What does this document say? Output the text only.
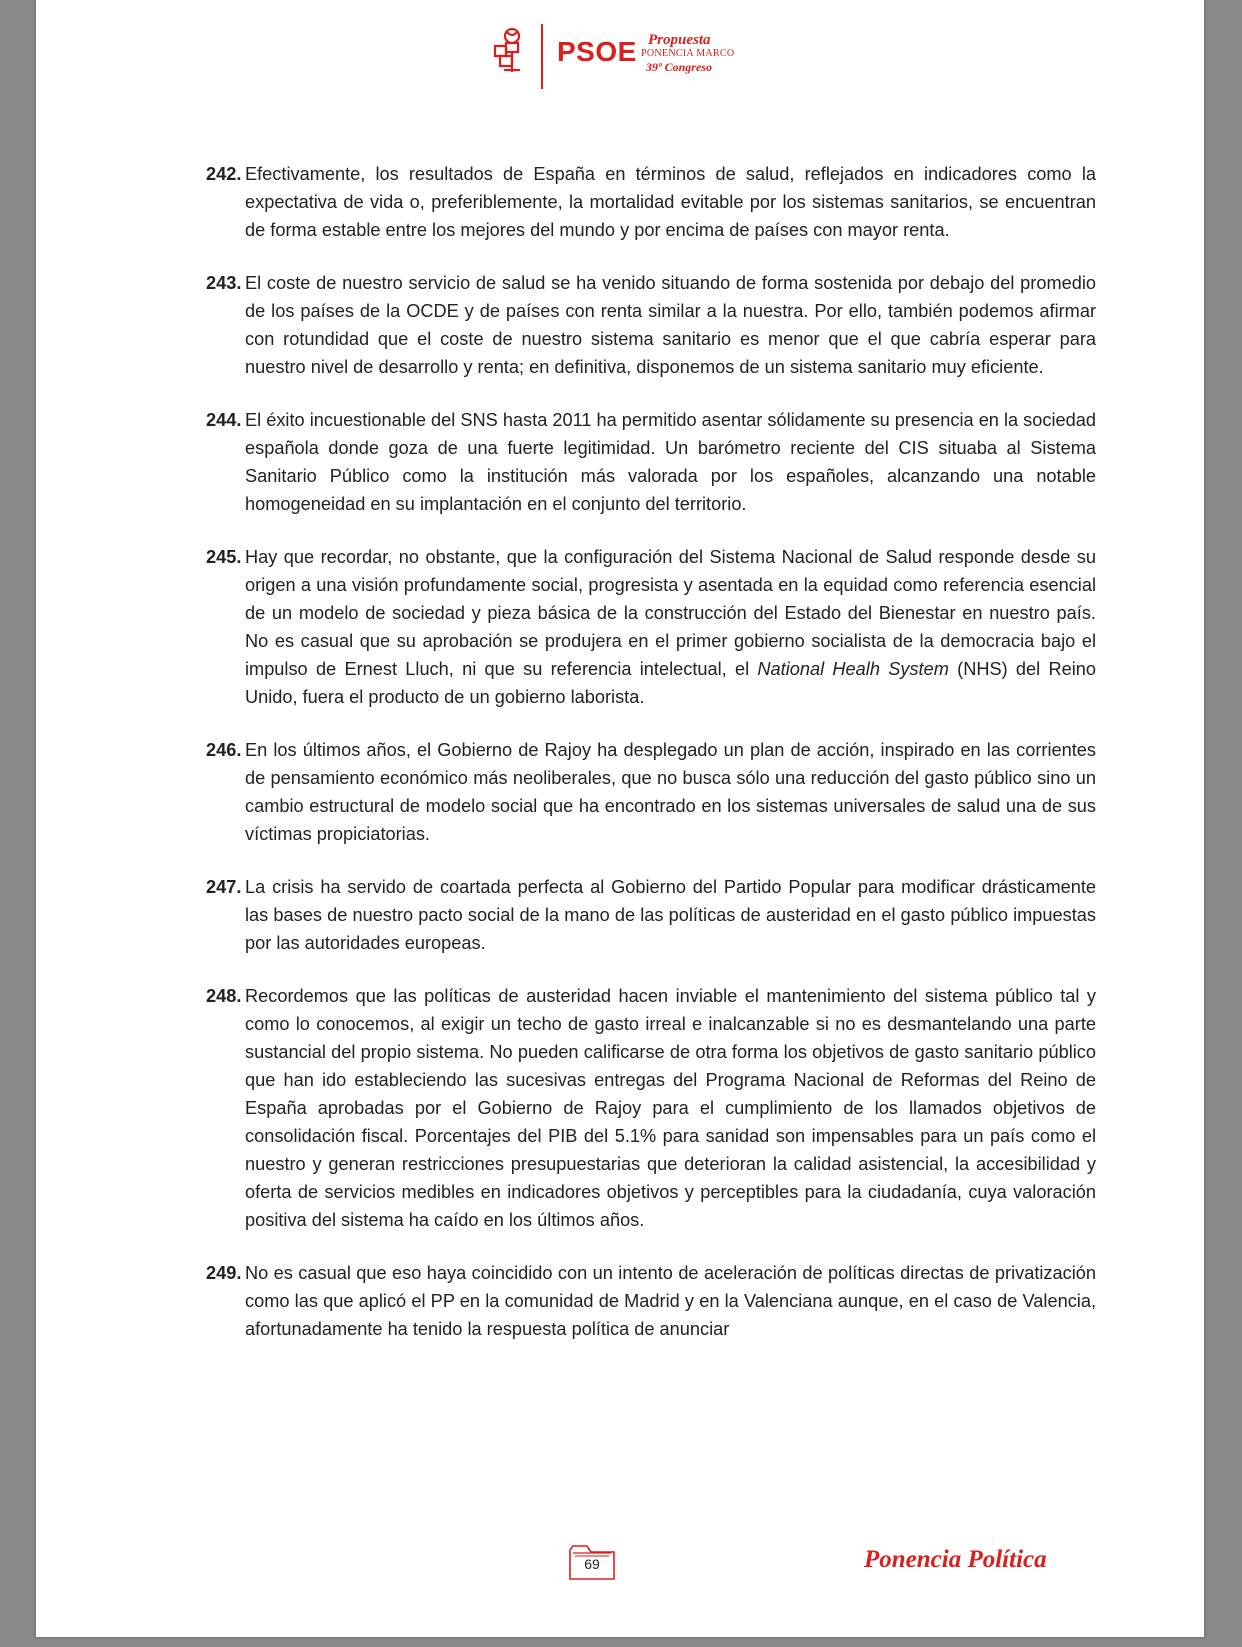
PSOE Propuesta
PONENCIA MARCO
39º Congreso
242. Efectivamente, los resultados de España en términos de salud, reflejados en indicadores como la expectativa de vida o, preferiblemente, la mortalidad evitable por los sistemas sanitarios, se encuentran de forma estable entre los mejores del mundo y por encima de países con mayor renta.
243. El coste de nuestro servicio de salud se ha venido situando de forma sostenida por debajo del promedio de los países de la OCDE y de países con renta similar a la nuestra. Por ello, también podemos afirmar con rotundidad que el coste de nuestro sistema sanitario es menor que el que cabría esperar para nuestro nivel de desarrollo y renta; en definitiva, disponemos de un sistema sanitario muy eficiente.
244. El éxito incuestionable del SNS hasta 2011 ha permitido asentar sólidamente su presencia en la sociedad española donde goza de una fuerte legitimidad. Un barómetro reciente del CIS situaba al Sistema Sanitario Público como la institución más valorada por los españoles, alcanzando una notable homogeneidad en su implantación en el conjunto del territorio.
245. Hay que recordar, no obstante, que la configuración del Sistema Nacional de Salud responde desde su origen a una visión profundamente social, progresista y asentada en la equidad como referencia esencial de un modelo de sociedad y pieza básica de la construcción del Estado del Bienestar en nuestro país. No es casual que su aprobación se produjera en el primer gobierno socialista de la democracia bajo el impulso de Ernest Lluch, ni que su referencia intelectual, el National Healh System (NHS) del Reino Unido, fuera el producto de un gobierno laborista.
246. En los últimos años, el Gobierno de Rajoy ha desplegado un plan de acción, inspirado en las corrientes de pensamiento económico más neoliberales, que no busca sólo una reducción del gasto público sino un cambio estructural de modelo social que ha encontrado en los sistemas universales de salud una de sus víctimas propiciatorias.
247. La crisis ha servido de coartada perfecta al Gobierno del Partido Popular para modificar drásticamente las bases de nuestro pacto social de la mano de las políticas de austeridad en el gasto público impuestas por las autoridades europeas.
248. Recordemos que las políticas de austeridad hacen inviable el mantenimiento del sistema público tal y como lo conocemos, al exigir un techo de gasto irreal e inalcanzable si no es desmantelando una parte sustancial del propio sistema. No pueden calificarse de otra forma los objetivos de gasto sanitario público que han ido estableciendo las sucesivas entregas del Programa Nacional de Reformas del Reino de España aprobadas por el Gobierno de Rajoy para el cumplimiento de los llamados objetivos de consolidación fiscal. Porcentajes del PIB del 5.1% para sanidad son impensables para un país como el nuestro y generan restricciones presupuestarias que deterioran la calidad asistencial, la accesibilidad y oferta de servicios medibles en indicadores objetivos y perceptibles para la ciudadanía, cuya valoración positiva del sistema ha caído en los últimos años.
249. No es casual que eso haya coincidido con un intento de aceleración de políticas directas de privatización como las que aplicó el PP en la comunidad de Madrid y en la Valenciana aunque, en el caso de Valencia, afortunadamente ha tenido la respuesta política de anunciar
69	Ponencia Política
